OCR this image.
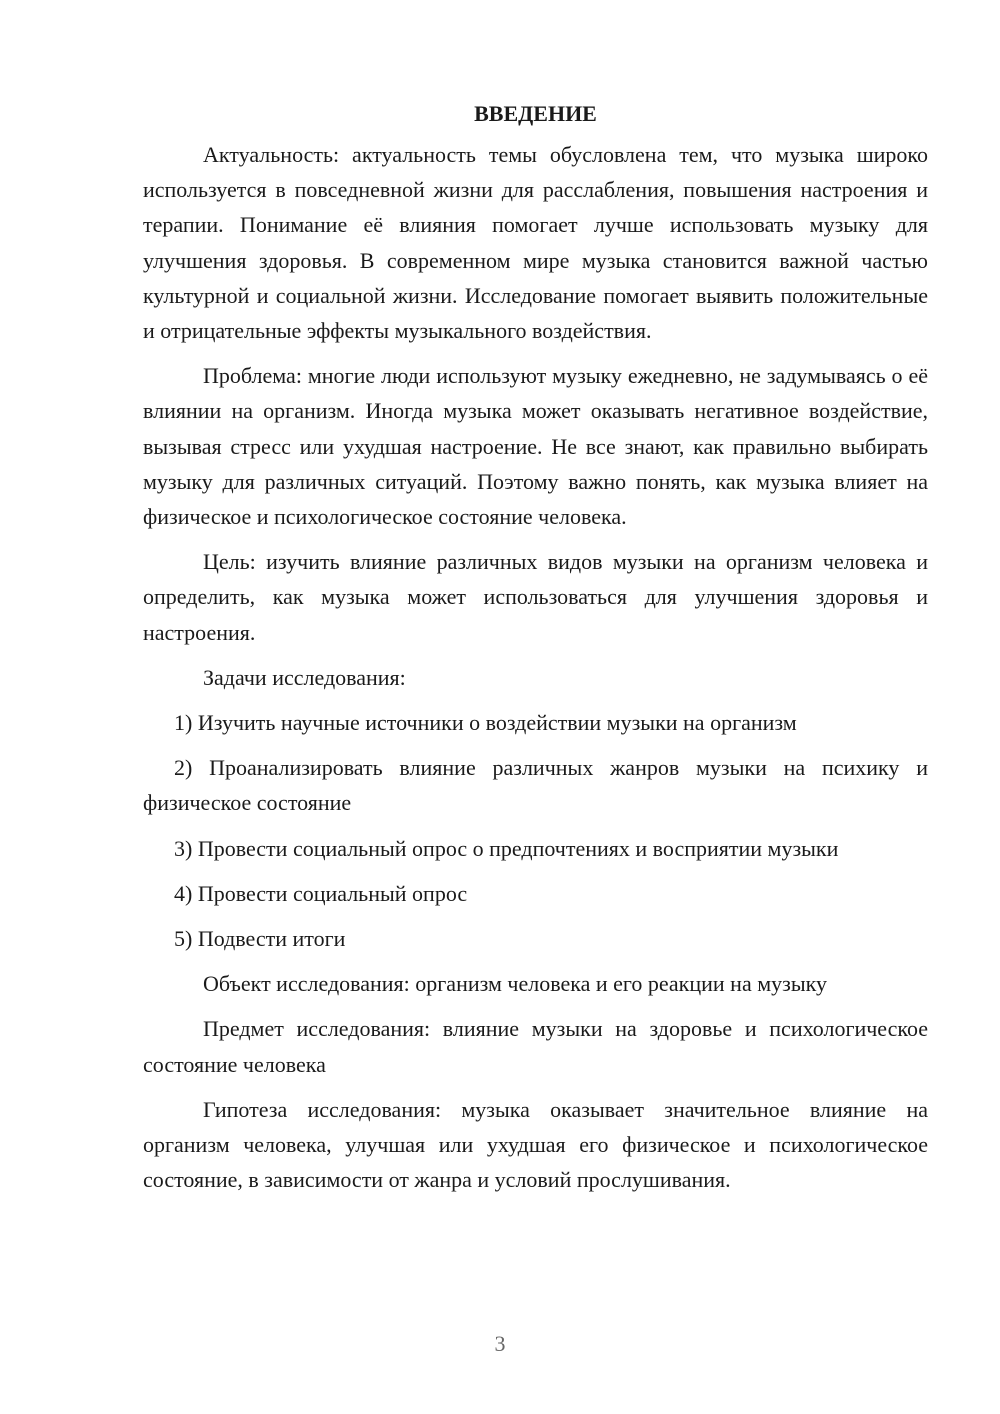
ВВЕДЕНИЕ

Актуальность: актуальность темы обусловлена тем, что музыка широко используется в повседневной жизни для расслабления, повышения настроения и терапии. Понимание её влияния помогает лучше использовать музыку для улучшения здоровья. В современном мире музыка становится важной частью культурной и социальной жизни. Исследование помогает выявить положительные и отрицательные эффекты музыкального воздействия.

Проблема: многие люди используют музыку ежедневно, не задумываясь о её влиянии на организм. Иногда музыка может оказывать негативное воздействие, вызывая стресс или ухудшая настроение. Не все знают, как правильно выбирать музыку для различных ситуаций. Поэтому важно понять, как музыка влияет на физическое и психологическое состояние человека.

Цель: изучить влияние различных видов музыки на организм человека и определить, как музыка может использоваться для улучшения здоровья и настроения.

Задачи исследования:

1) Изучить научные источники о воздействии музыки на организм

2) Проанализировать влияние различных жанров музыки на психику и физическое состояние

3) Провести социальный опрос о предпочтениях и восприятии музыки

4) Провести социальный опрос

5) Подвести итоги

Объект исследования: организм человека и его реакции на музыку

Предмет исследования: влияние музыки на здоровье и психологическое состояние человека

Гипотеза исследования: музыка оказывает значительное влияние на организм человека, улучшая или ухудшая его физическое и психологическое состояние, в зависимости от жанра и условий прослушивания.

3
